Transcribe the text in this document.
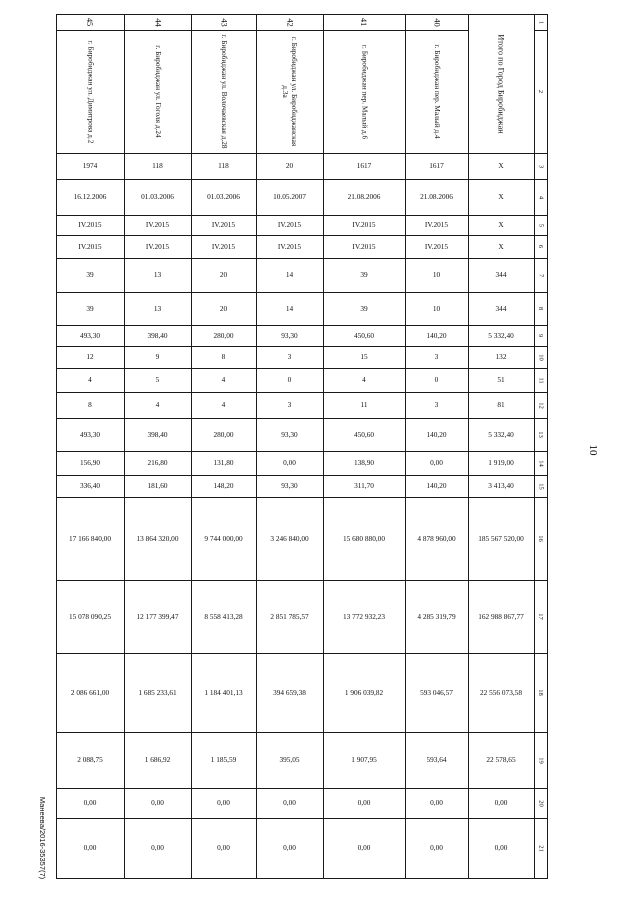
45
г. Биробиджан ул. Димитрова д.2
1974
16.12.2006
IV.2015
IV.2015
39
39
493,30
12
4
8
493,30
156,90
336,40
17 166 840,00
15 078 090,25
2 086 661,00
2 088,75
0,00
0,00
44
г. Биробиджан ул. Гоголя д.24
118
01.03.2006
IV.2015
IV.2015
13
13
398,40
9
5
4
398,40
216,80
181,60
13 864 320,00
12 177 399,47
1 685 233,61
1 686,92
0,00
0,00
43
г. Биробиджан ул. Волочаевская д.28
118
01.03.2006
IV.2015
IV.2015
20
20
280,00
8
4
4
280,00
131,80
148,20
9 744 000,00
8 558 413,28
1 184 401,13
1 185,59
0,00
0,00
42
г. Биробиджан ул. Биробиджанская д.3а
20
10.05.2007
IV.2015
IV.2015
14
14
93,30
3
0
3
93,30
0,00
93,30
3 246 840,00
2 851 785,57
394 659,38
395,05
0,00
0,00
41
г. Биробиджан пер. Малый д.6
1617
21.08.2006
IV.2015
IV.2015
39
39
450,60
15
4
11
450,60
138,90
311,70
15 680 880,00
13 772 932,23
1 906 039,82
1 907,95
0,00
0,00
40
г. Биробиджан пер. Малый д.4
1617
21.08.2006
IV.2015
IV.2015
10
10
140,20
3
0
3
140,20
0,00
140,20
4 878 960,00
4 285 319,79
593 046,57
593,64
0,00
0,00
Итого по Город Биробиджан
X
X
X
X
344
344
5 332,40
132
51
81
5 332,40
1 919,00
3 413,40
185 567 520,00
162 988 867,77
22 556 073,58
22 578,65
0,00
0,00
1
2
3
4
5
6
7
8
9
10
11
12
13
14
15
16
17
18
19
20
21
10
Манеева/2016-35357(7)
